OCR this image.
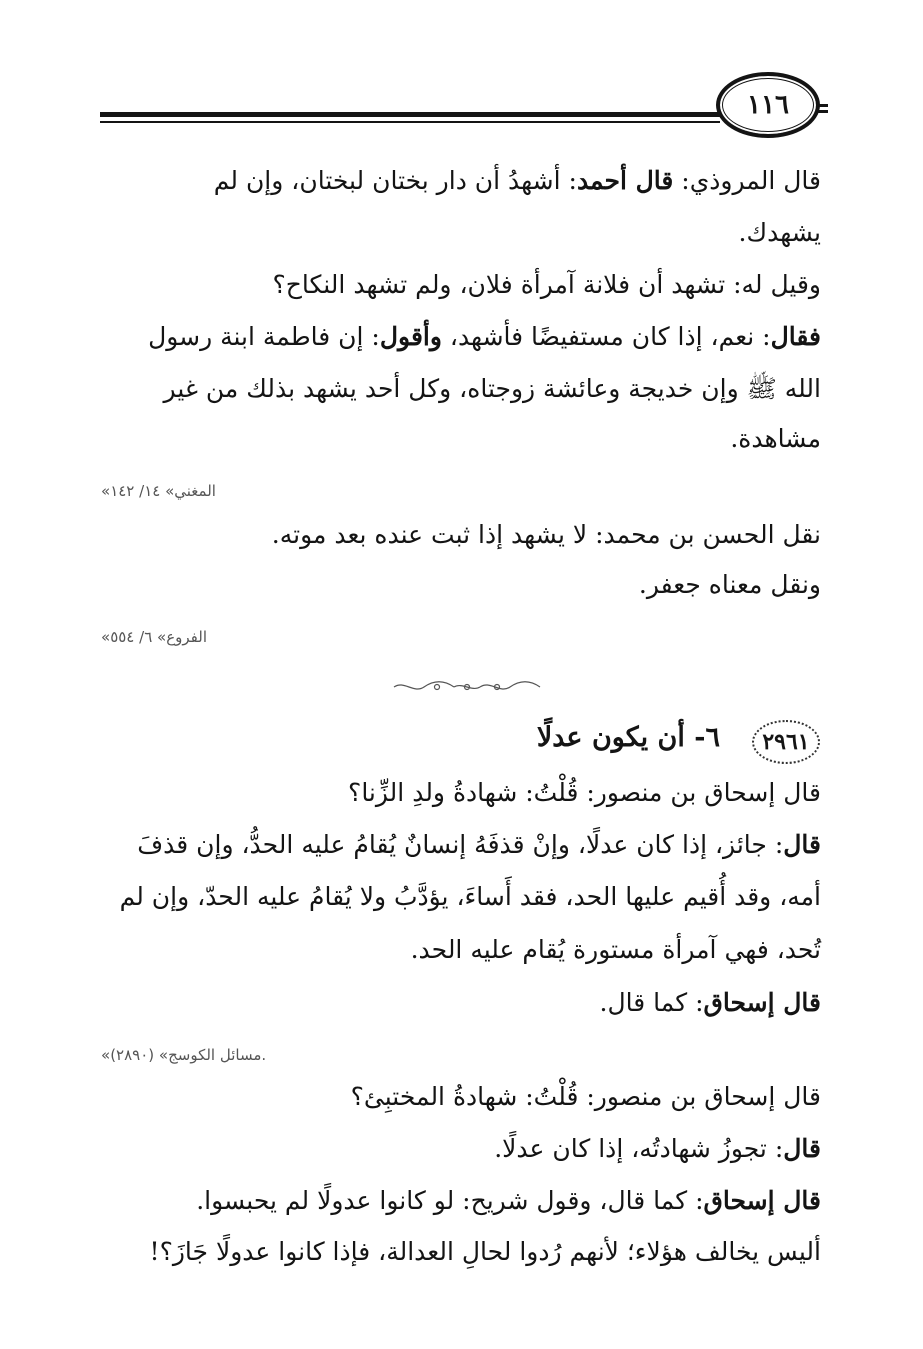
١١٦
قال المروذي: قال أحمد: أشهدُ أن دار بختان لبختان، وإن لم
يشهدك.
وقيل له: تشهد أن فلانة آمرأة فلان، ولم تشهد النكاح؟
فقال: نعم، إذا كان مستفيضًا فأشهد، وأقول: إن فاطمة ابنة رسول
الله ﷺ وإن خديجة وعائشة زوجتاه، وكل أحد يشهد بذلك من غير
مشاهدة.
«المغني» ١٤/ ١٤٢
نقل الحسن بن محمد: لا يشهد إذا ثبت عنده بعد موته.
ونقل معناه جعفر.
«الفروع» ٦/ ٥٥٤
٢٩٦١
٦- أن يكون عدلًا
قال إسحاق بن منصور: قُلْتُ: شهادةُ ولدِ الزِّنا؟
قال: جائز، إذا كان عدلًا، وإنْ قذفَهُ إنسانٌ يُقامُ عليه الحدُّ، وإن قذفَ
أمه، وقد أُقيم عليها الحد، فقد أَساءَ، يؤدَّبُ ولا يُقامُ عليه الحدّ، وإن لم
تُحد، فهي آمرأة مستورة يُقام عليه الحد.
قال إسحاق: كما قال.
«مسائل الكوسج» (٢٨٩٠).
قال إسحاق بن منصور: قُلْتُ: شهادةُ المختبِئ؟
قال: تجوزُ شهادتُه، إذا كان عدلًا.
قال إسحاق: كما قال، وقول شريح: لو كانوا عدولًا لم يحبسوا.
أليس يخالف هؤلاء؛ لأنهم رُدوا لحالِ العدالة، فإذا كانوا عدولًا جَازَ؟!
